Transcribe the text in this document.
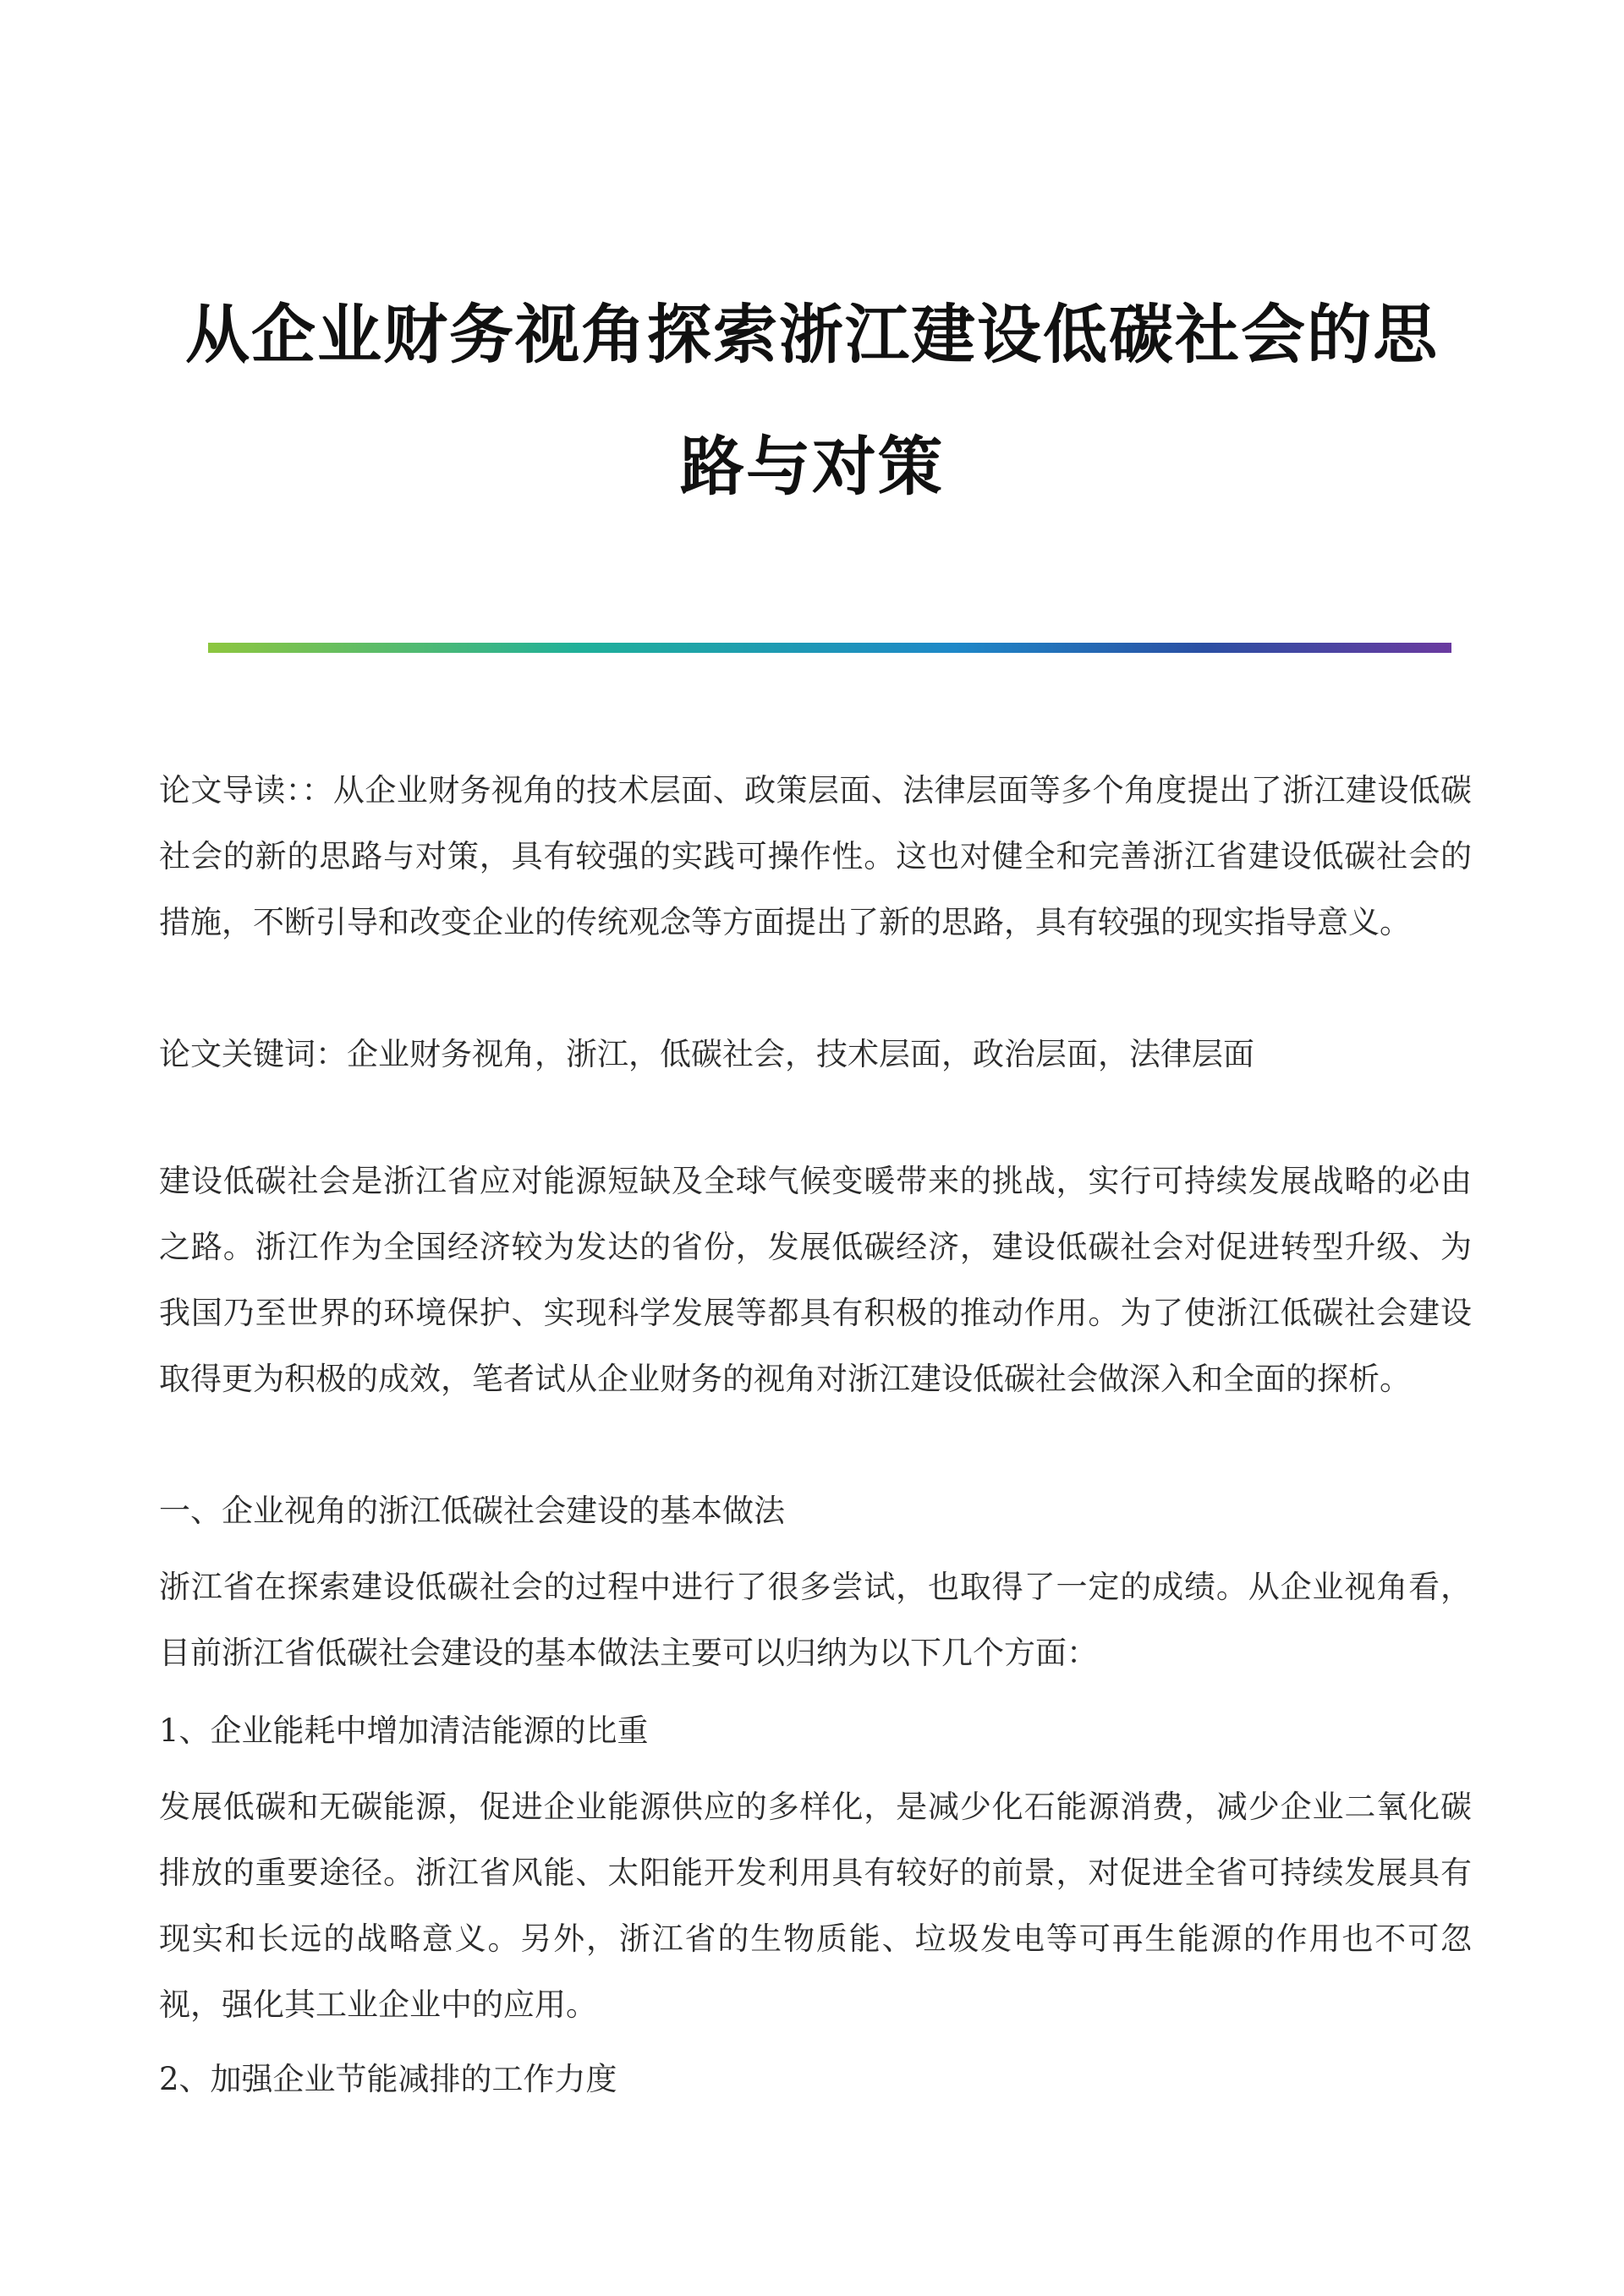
从企业财务视角探索浙江建设低碳社会的思
路与对策

论文导读：：从企业财务视角的技术层面、政策层面、法律层面等多个角度提出了浙江建设低碳社会的新的思路与对策，具有较强的实践可操作性。这也对健全和完善浙江省建设低碳社会的措施，不断引导和改变企业的传统观念等方面提出了新的思路，具有较强的现实指导意义。

论文关键词：企业财务视角，浙江，低碳社会，技术层面，政治层面，法律层面

建设低碳社会是浙江省应对能源短缺及全球气候变暖带来的挑战，实行可持续发展战略的必由之路。浙江作为全国经济较为发达的省份，发展低碳经济，建设低碳社会对促进转型升级、为我国乃至世界的环境保护、实现科学发展等都具有积极的推动作用。为了使浙江低碳社会建设取得更为积极的成效，笔者试从企业财务的视角对浙江建设低碳社会做深入和全面的探析。

一、企业视角的浙江低碳社会建设的基本做法

浙江省在探索建设低碳社会的过程中进行了很多尝试，也取得了一定的成绩。从企业视角看，目前浙江省低碳社会建设的基本做法主要可以归纳为以下几个方面：

1、企业能耗中增加清洁能源的比重

发展低碳和无碳能源，促进企业能源供应的多样化，是减少化石能源消费，减少企业二氧化碳排放的重要途径。浙江省风能、太阳能开发利用具有较好的前景，对促进全省可持续发展具有现实和长远的战略意义。另外，浙江省的生物质能、垃圾发电等可再生能源的作用也不可忽视，强化其工业企业中的应用。

2、加强企业节能减排的工作力度
